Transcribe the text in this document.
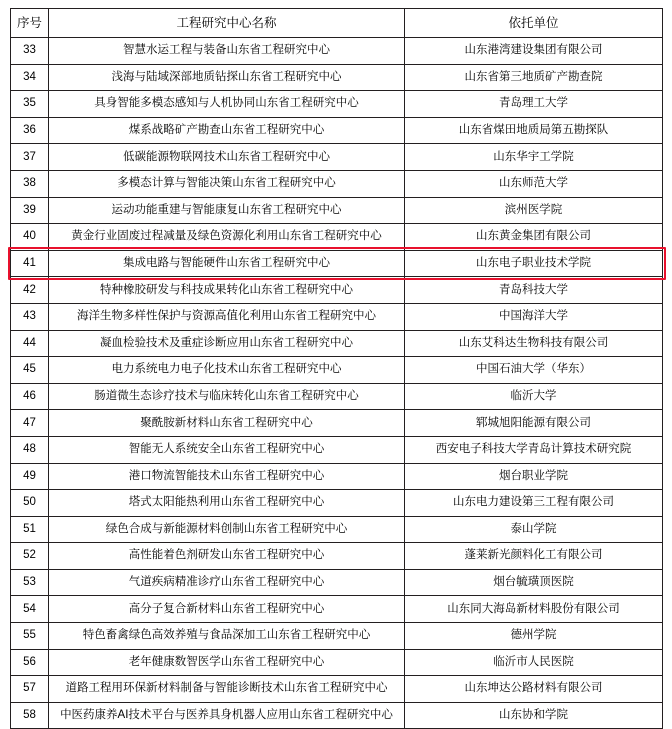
序号	工程研究中心名称	依托单位
33	智慧水运工程与装备山东省工程研究中心	山东港湾建设集团有限公司
34	浅海与陆域深部地质钻探山东省工程研究中心	山东省第三地质矿产勘查院
35	具身智能多模态感知与人机协同山东省工程研究中心	青岛理工大学
36	煤系战略矿产勘查山东省工程研究中心	山东省煤田地质局第五勘探队
37	低碳能源物联网技术山东省工程研究中心	山东华宇工学院
38	多模态计算与智能决策山东省工程研究中心	山东师范大学
39	运动功能重建与智能康复山东省工程研究中心	滨州医学院
40	黄金行业固废过程减量及绿色资源化利用山东省工程研究中心	山东黄金集团有限公司
41	集成电路与智能硬件山东省工程研究中心	山东电子职业技术学院
42	特种橡胶研发与科技成果转化山东省工程研究中心	青岛科技大学
43	海洋生物多样性保护与资源高值化利用山东省工程研究中心	中国海洋大学
44	凝血检验技术及重症诊断应用山东省工程研究中心	山东艾科达生物科技有限公司
45	电力系统电力电子化技术山东省工程研究中心	中国石油大学（华东）
46	肠道微生态诊疗技术与临床转化山东省工程研究中心	临沂大学
47	聚酰胺新材料山东省工程研究中心	郓城旭阳能源有限公司
48	智能无人系统安全山东省工程研究中心	西安电子科技大学青岛计算技术研究院
49	港口物流智能技术山东省工程研究中心	烟台职业学院
50	塔式太阳能热利用山东省工程研究中心	山东电力建设第三工程有限公司
51	绿色合成与新能源材料创制山东省工程研究中心	泰山学院
52	高性能着色剂研发山东省工程研究中心	蓬莱新光颜料化工有限公司
53	气道疾病精准诊疗山东省工程研究中心	烟台毓璜顶医院
54	高分子复合新材料山东省工程研究中心	山东同大海岛新材料股份有限公司
55	特色畜禽绿色高效养殖与食品深加工山东省工程研究中心	德州学院
56	老年健康数智医学山东省工程研究中心	临沂市人民医院
57	道路工程用环保新材料制备与智能诊断技术山东省工程研究中心	山东坤达公路材料有限公司
58	中医药康养AI技术平台与医养具身机器人应用山东省工程研究中心	山东协和学院
